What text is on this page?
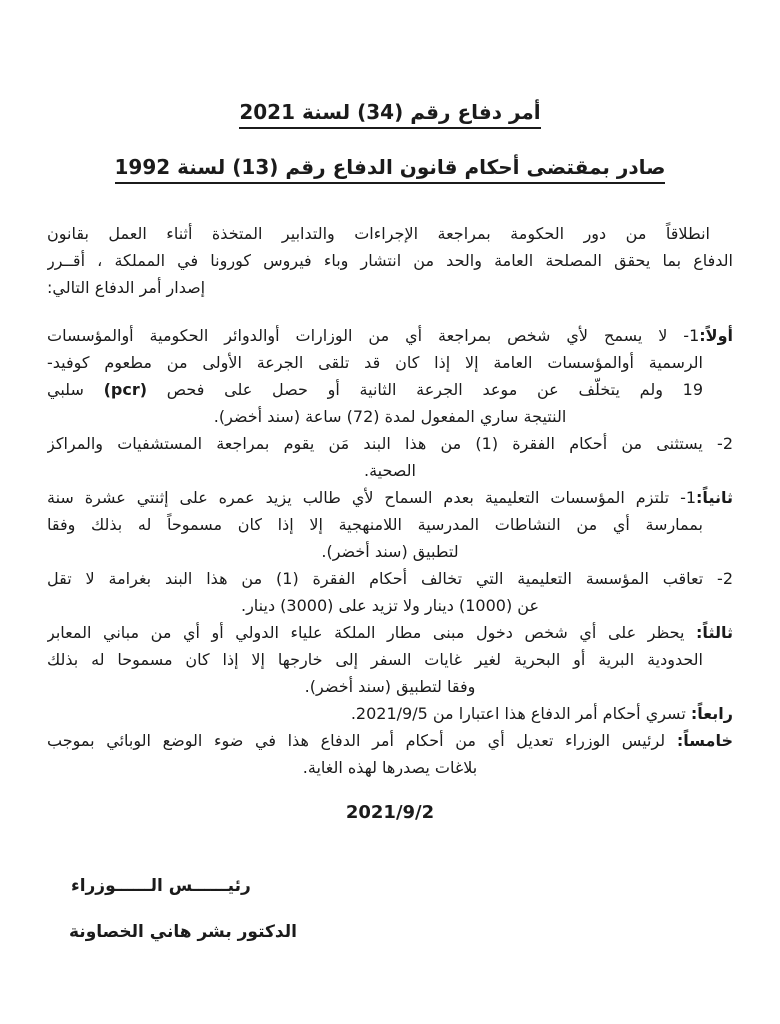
أمر دفاع رقم (34) لسنة 2021
صادر بمقتضى أحكام قانون الدفاع رقم (13) لسنة 1992
انطلاقاً من دور الحكومة بمراجعة الإجراءات والتدابير المتخذة أثناء العمل بقانون
الدفاع بما يحقق المصلحة العامة والحد من انتشار وباء فيروس كورونا في المملكة ، أقــرر
إصدار أمر الدفاع التالي:
أولاً:1- لا يسمح لأي شخص بمراجعة أي من الوزارات أوالدوائر الحكومية أوالمؤسسات
الرسمية أوالمؤسسات العامة إلا إذا كان قد تلقى الجرعة الأولى من مطعوم كوفيد-
19 ولم يتخلّف عن موعد الجرعة الثانية أو حصل على فحص (pcr) سلبي
النتيجة ساري المفعول لمدة (72) ساعة (سند أخضر).
2- يستثنى من أحكام الفقرة (1) من هذا البند مَن يقوم بمراجعة المستشفيات والمراكز
الصحية.
ثانياً:1- تلتزم المؤسسات التعليمية بعدم السماح لأي طالب يزيد عمره على إثنتي عشرة سنة
بممارسة أي من النشاطات المدرسية اللامنهجية إلا إذا كان مسموحاً له بذلك وفقا
لتطبيق (سند أخضر).
2- تعاقب المؤسسة التعليمية التي تخالف أحكام الفقرة (1) من هذا البند بغرامة لا تقل
عن (1000) دينار ولا تزيد على (3000) دينار.
ثالثاً: يحظر على أي شخص دخول مبنى مطار الملكة علياء الدولي أو أي من مباني المعابر
الحدودية البرية أو البحرية لغير غايات السفر إلى خارجها إلا إذا كان مسموحا له بذلك
وفقا لتطبيق (سند أخضر).
رابعاً: تسري أحكام أمر الدفاع هذا اعتبارا من 2021/9/5.
خامساً: لرئيس الوزراء تعديل أي من أحكام أمر الدفاع هذا في ضوء الوضع الوبائي بموجب
بلاغات يصدرها لهذه الغاية.
2021/9/2
رئيــــــس الــــــوزراء
الدكتور بشر هاني الخصاونة
